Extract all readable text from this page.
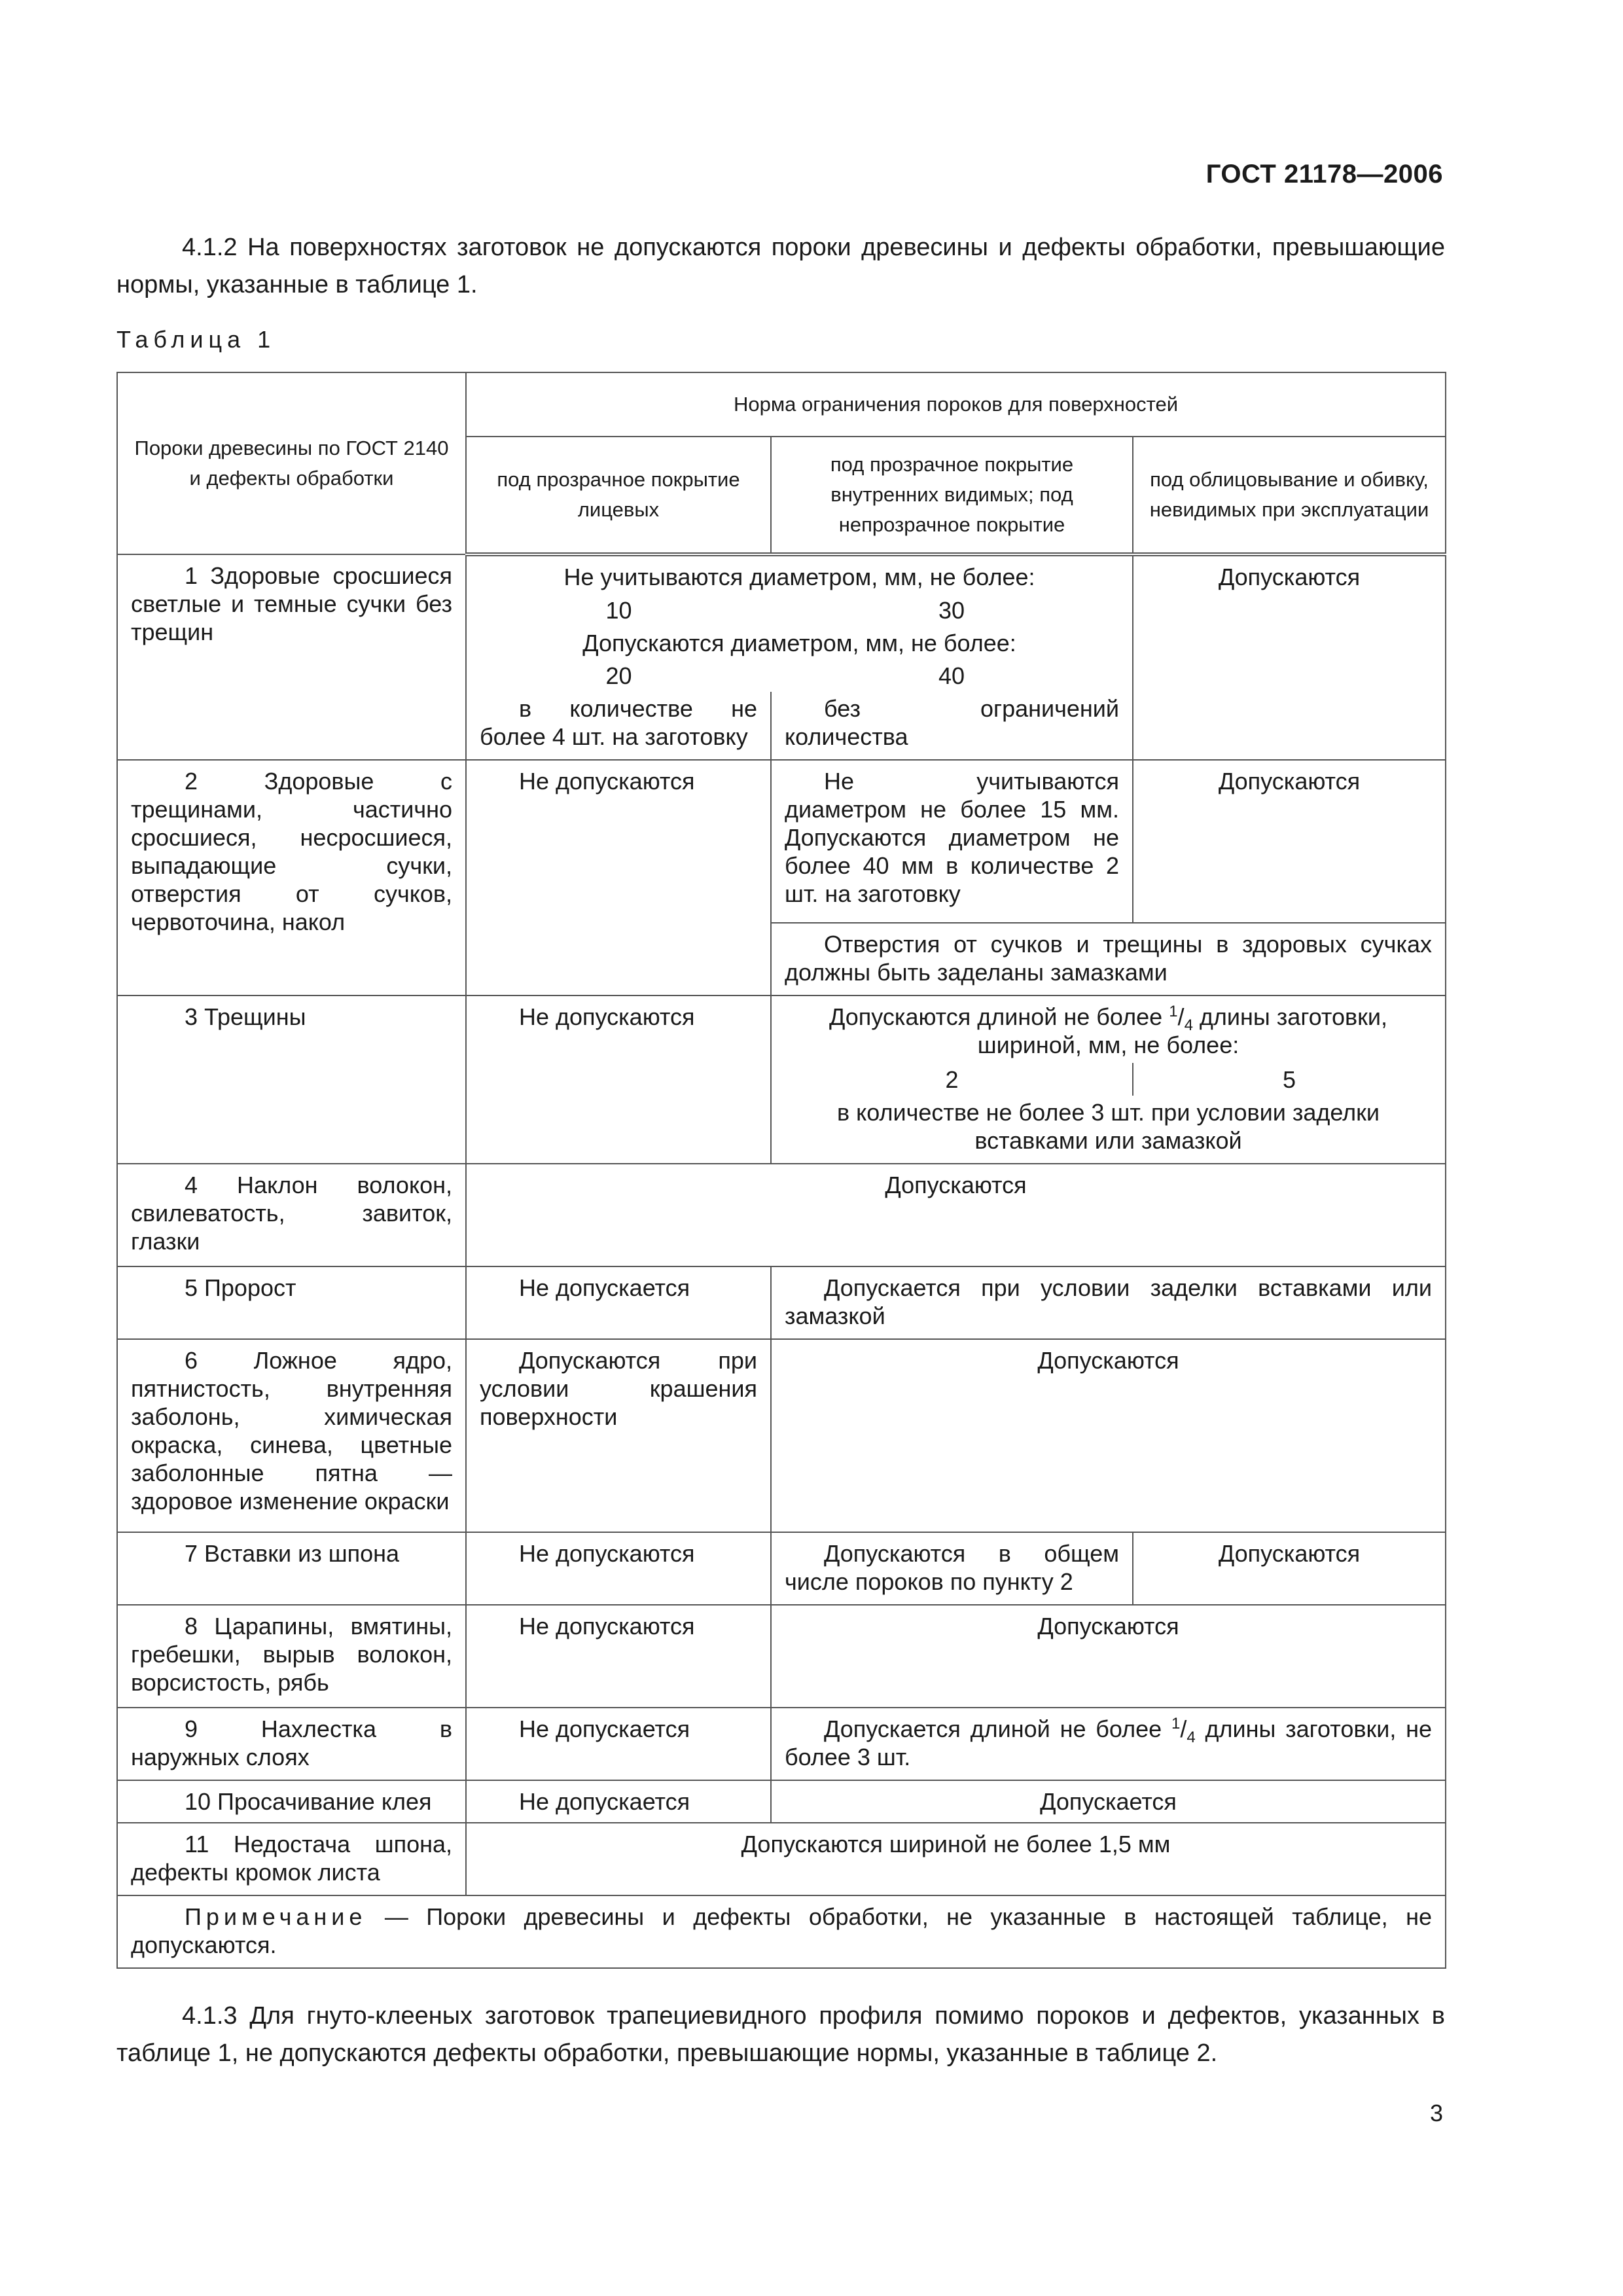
ГОСТ 21178—2006
4.1.2 На поверхностях заготовок не допускаются пороки древесины и дефекты обработки, превышающие нормы, указанные в таблице 1.
Таблица 1
Пороки древесины по ГОСТ 2140 и дефекты обработки	Норма ограничения пороков для поверхностей		
	под прозрачное покрытие лицевых	под прозрачное покрытие внутренних видимых; под непрозрачное покрытие	под облицовывание и обивку, невидимых при эксплуатации
1 Здоровые сросшиеся светлые и темные сучки без трещин	Не учитываются диаметром, мм, не более:		Допускаются
	10	30	
	Допускаются диаметром, мм, не более:		
	20	40	
	в количестве не более 4 шт. на заготовку	без ограничений количества	
2 Здоровые с трещинами, частично сросшиеся, несросшиеся, выпадающие сучки, отверстия от сучков, червоточина, накол	Не допускаются	Не учитываются диаметром не более 15 мм. Допускаются диаметром не более 40 мм в количестве 2 шт. на заготовку	Допускаются
		Отверстия от сучков и трещины в здоровых сучках должны быть заделаны замазками	
3 Трещины	Не допускаются	Допускаются длиной не более $^1/_4$ длины заготовки, шириной, мм, не более:	
		2	5
		в количестве не более 3 шт. при условии заделки вставками или замазкой	
4 Наклон волокон, свилеватость, завиток, глазки	Допускаются		
5 Пророст	Не допускается	Допускается при условии заделки вставками или замазкой	
6 Ложное ядро, пятнистость, внутренняя заболонь, химическая окраска, синева, цветные заболонные пятна — здоровое изменение окраски	Допускаются при условии крашения поверхности	Допускаются	
7 Вставки из шпона	Не допускаются	Допускаются в общем числе пороков по пункту 2	Допускаются
8 Царапины, вмятины, гребешки, вырыв волокон, ворсистость, рябь	Не допускаются	Допускаются	
9 Нахлестка в наружных слоях	Не допускается	Допускается длиной не более $^1/_4$ длины заготовки, не более 3 шт.	
10 Просачивание клея	Не допускается	Допускается	
11 Недостача шпона, дефекты кромок листа	Допускаются шириной не более 1,5 мм		
Примечание — Пороки древесины и дефекты обработки, не указанные в настоящей таблице, не допускаются.			
4.1.3 Для гнуто-клееных заготовок трапециевидного профиля помимо пороков и дефектов, указанных в таблице 1, не допускаются дефекты обработки, превышающие нормы, указанные в таблице 2.
3
